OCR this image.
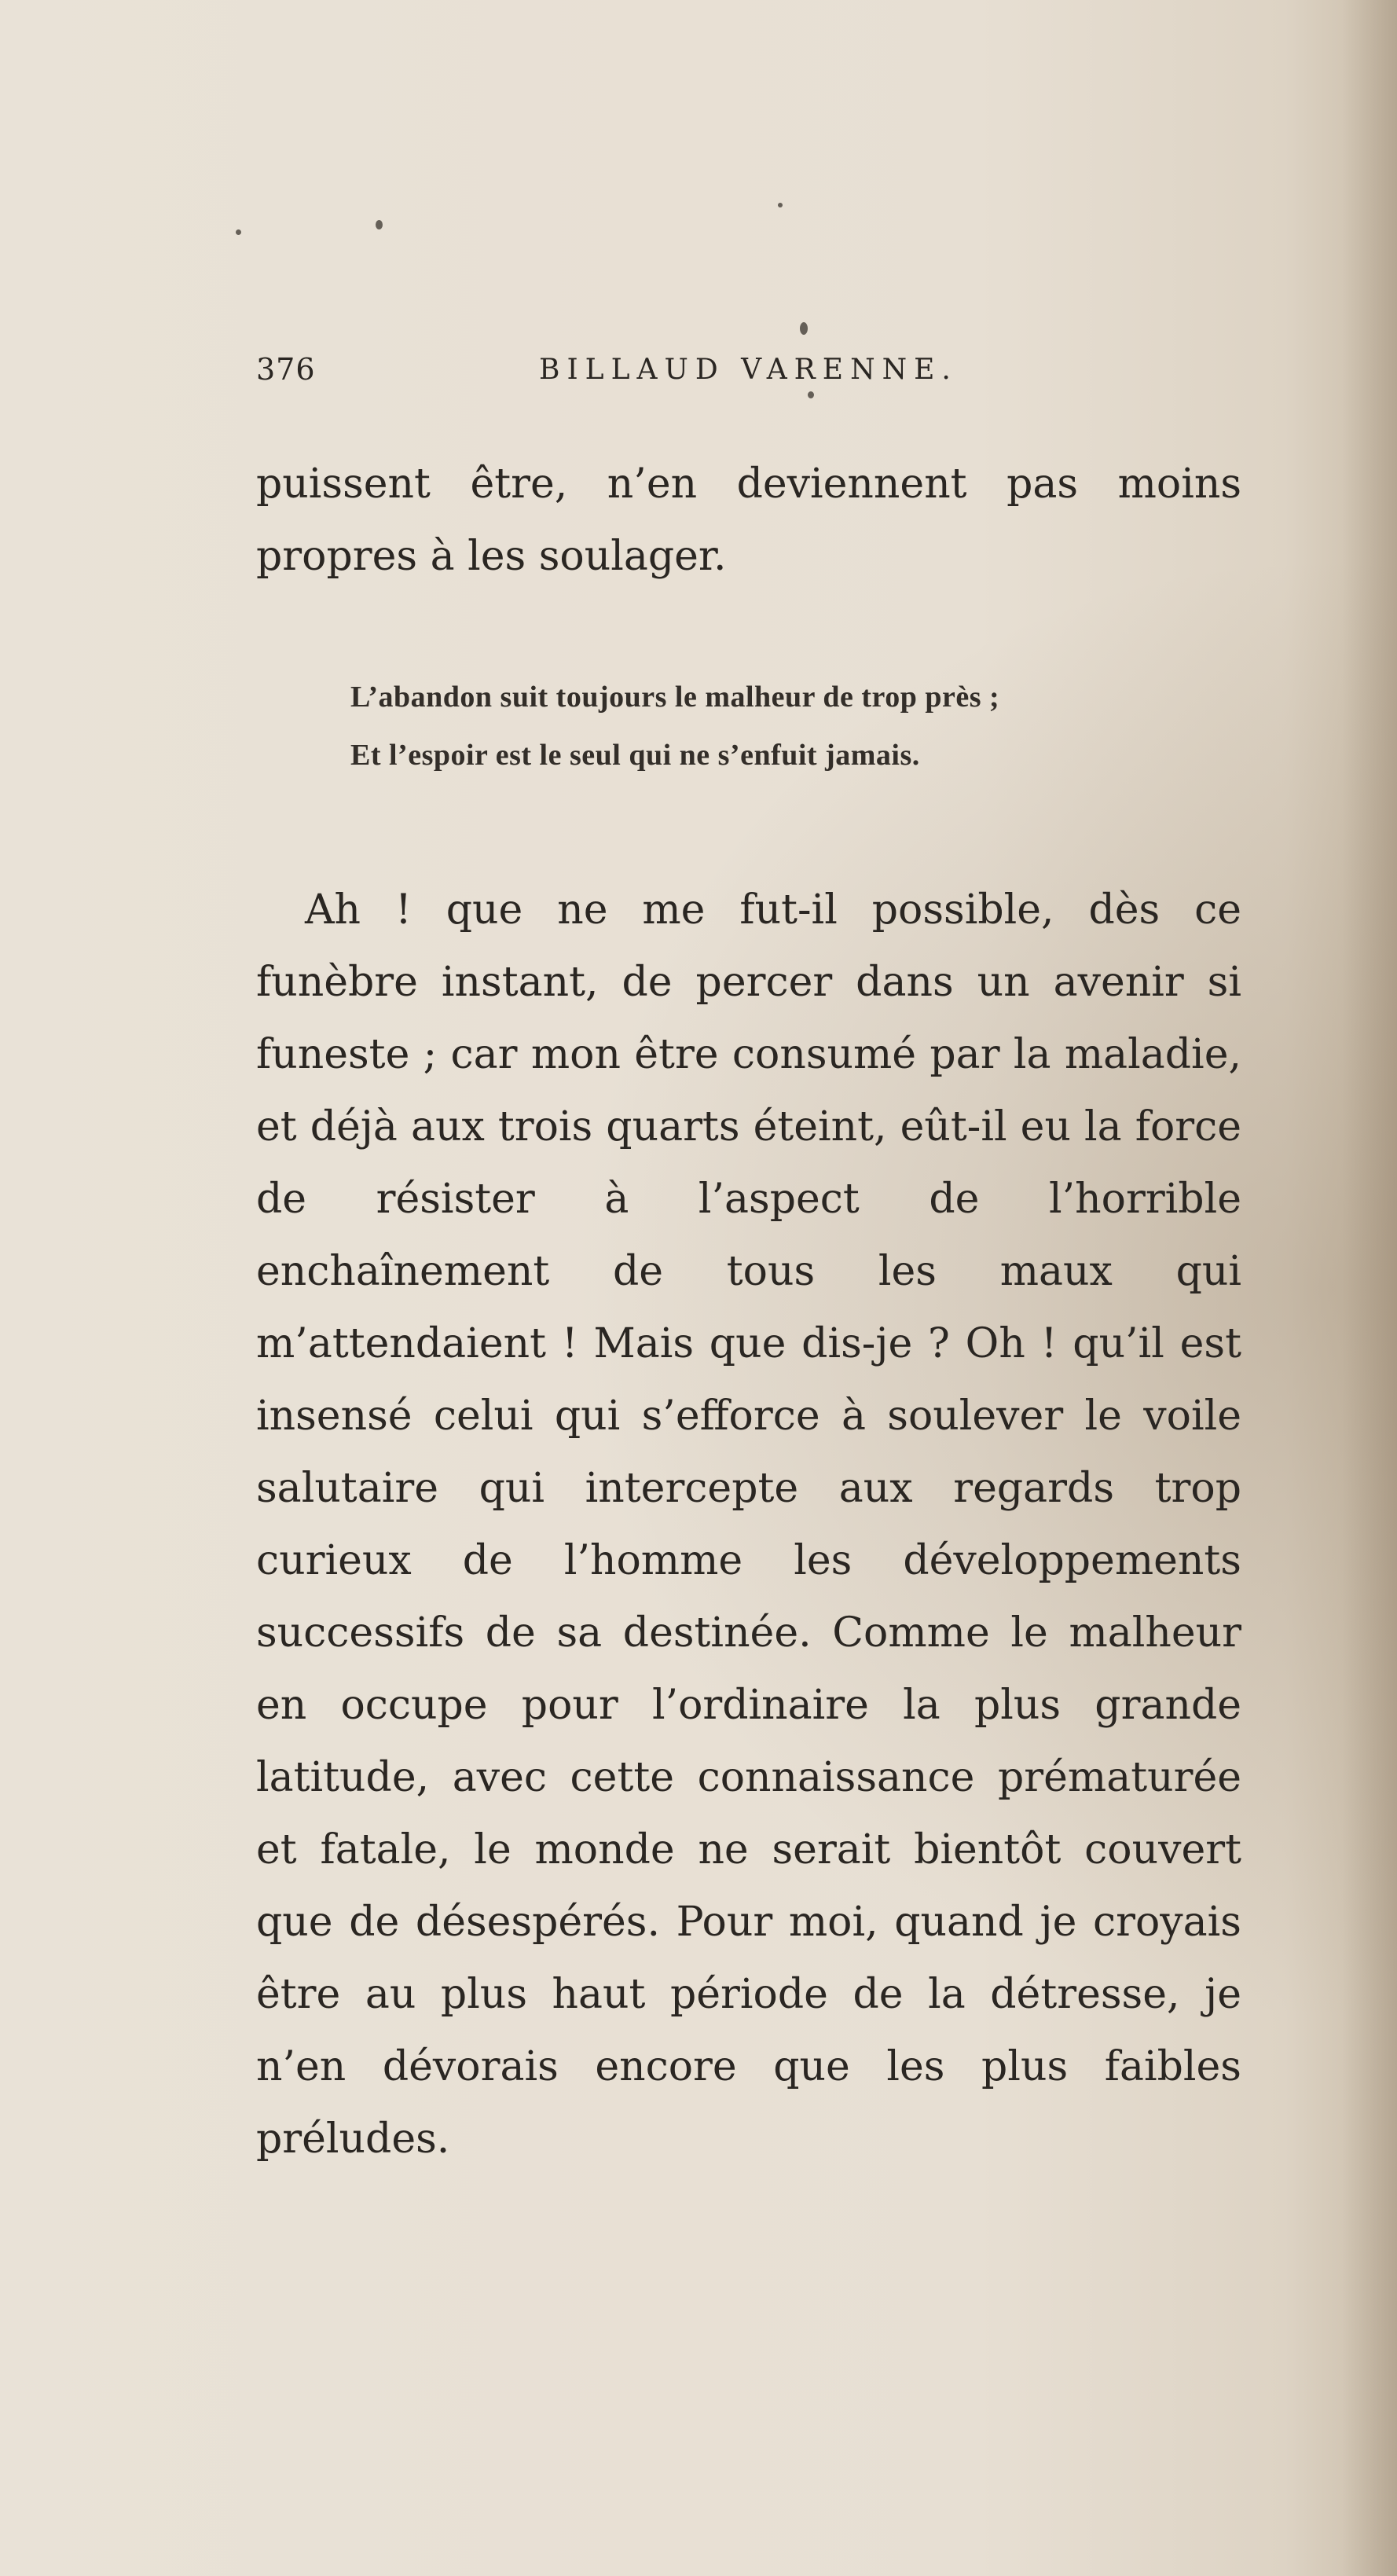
376	BILLAUD VARENNE.

puissent être, n’en deviennent pas moins propres à les soulager.

L’abandon suit toujours le malheur de trop près ;
Et l’espoir est le seul qui ne s’enfuit jamais.

Ah ! que ne me fut-il possible, dès ce funèbre instant, de percer dans un avenir si funeste ; car mon être consumé par la maladie, et déjà aux trois quarts éteint, eût-il eu la force de résister à l’aspect de l’horrible enchaînement de tous les maux qui m’attendaient ! Mais que dis-je ? Oh ! qu’il est insensé celui qui s’efforce à soulever le voile salutaire qui intercepte aux regards trop curieux de l’homme les développements successifs de sa destinée. Comme le malheur en occupe pour l’ordinaire la plus grande latitude, avec cette connaissance prématurée et fatale, le monde ne serait bientôt couvert que de désespérés. Pour moi, quand je croyais être au plus haut période de la détresse, je n’en dévorais encore que les plus faibles préludes.
